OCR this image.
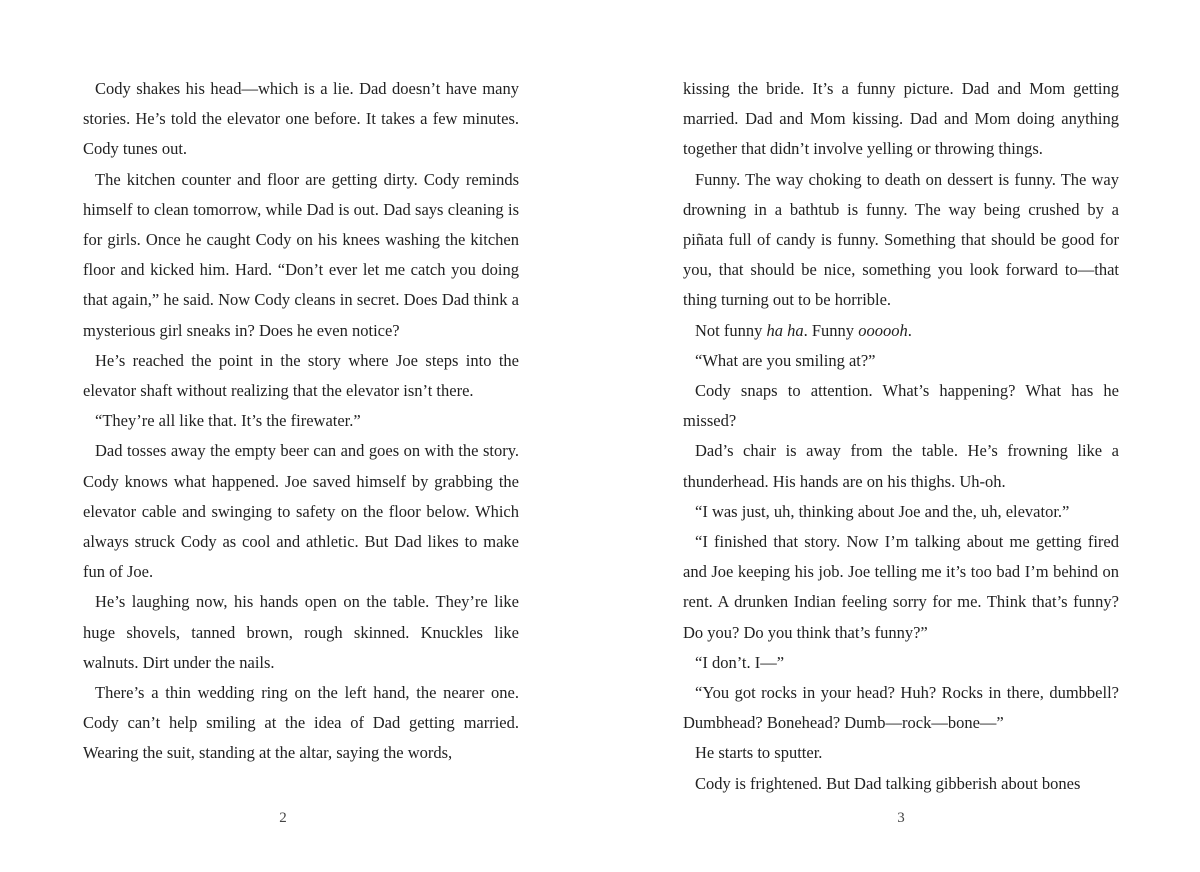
Cody shakes his head—which is a lie. Dad doesn’t have many stories. He’s told the elevator one before. It takes a few minutes. Cody tunes out.

The kitchen counter and floor are getting dirty. Cody reminds himself to clean tomorrow, while Dad is out. Dad says cleaning is for girls. Once he caught Cody on his knees washing the kitchen floor and kicked him. Hard. “Don’t ever let me catch you doing that again,” he said. Now Cody cleans in secret. Does Dad think a mysterious girl sneaks in? Does he even notice?

He’s reached the point in the story where Joe steps into the elevator shaft without realizing that the elevator isn’t there.

“They’re all like that. It’s the firewater.”

Dad tosses away the empty beer can and goes on with the story. Cody knows what happened. Joe saved himself by grabbing the elevator cable and swinging to safety on the floor below. Which always struck Cody as cool and athletic. But Dad likes to make fun of Joe.

He’s laughing now, his hands open on the table. They’re like huge shovels, tanned brown, rough skinned. Knuckles like walnuts. Dirt under the nails.

There’s a thin wedding ring on the left hand, the nearer one. Cody can’t help smiling at the idea of Dad getting married. Wearing the suit, standing at the altar, saying the words,

2

kissing the bride. It’s a funny picture. Dad and Mom getting married. Dad and Mom kissing. Dad and Mom doing anything together that didn’t involve yelling or throwing things.

Funny. The way choking to death on dessert is funny. The way drowning in a bathtub is funny. The way being crushed by a piñata full of candy is funny. Something that should be good for you, that should be nice, something you look forward to—that thing turning out to be horrible.

Not funny ha ha. Funny oooooh.

“What are you smiling at?”

Cody snaps to attention. What’s happening? What has he missed?

Dad’s chair is away from the table. He’s frowning like a thunderhead. His hands are on his thighs. Uh-oh.

“I was just, uh, thinking about Joe and the, uh, elevator.”

“I finished that story. Now I’m talking about me getting fired and Joe keeping his job. Joe telling me it’s too bad I’m behind on rent. A drunken Indian feeling sorry for me. Think that’s funny? Do you? Do you think that’s funny?”

“I don’t. I—”

“You got rocks in your head? Huh? Rocks in there, dumbbell? Dumbhead? Bonehead? Dumb—rock—bone—”

He starts to sputter.

Cody is frightened. But Dad talking gibberish about bones

3
